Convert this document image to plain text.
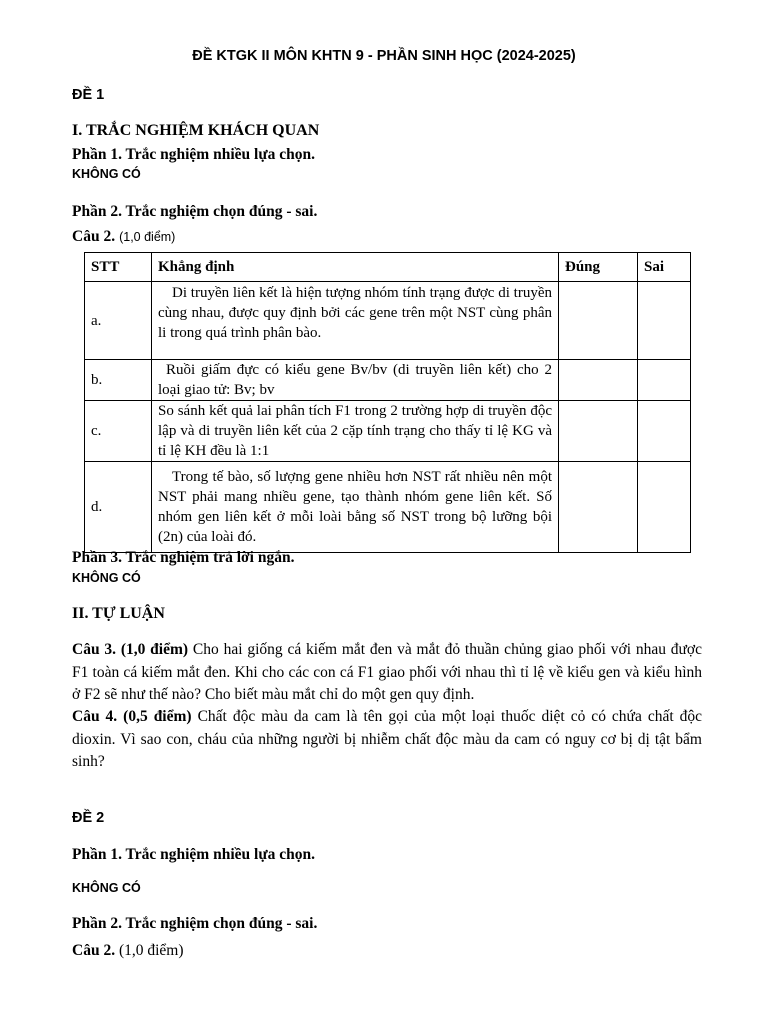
ĐỀ KTGK II MÔN KHTN 9 - PHẦN SINH HỌC (2024-2025)
ĐỀ 1
I. TRẮC NGHIỆM KHÁCH QUAN
Phần 1. Trắc nghiệm nhiều lựa chọn.
KHÔNG CÓ
Phần 2. Trắc nghiệm chọn đúng - sai.
Câu 2. (1,0 điểm)
STT	Khẳng định	Đúng	Sai
a.	Di truyền liên kết là hiện tượng nhóm tính trạng được di truyền cùng nhau, được quy định bởi các gene trên một NST cùng phân li trong quá trình phân bào.		
b.	Ruồi giấm đực có kiểu gene Bv/bv (di truyền liên kết) cho 2 loại giao tử: Bv; bv		
c.	So sánh kết quả lai phân tích F1 trong 2 trường hợp di truyền độc lập và di truyền liên kết của 2 cặp tính trạng cho thấy tỉ lệ KG và tỉ lệ KH đều là 1:1		
d.	Trong tế bào, số lượng gene nhiều hơn NST rất nhiều nên một NST phải mang nhiều gene, tạo thành nhóm gene liên kết. Số nhóm gen liên kết ở mỗi loài bằng số NST trong bộ lưỡng bội (2n) của loài đó.		
Phần 3. Trắc nghiệm trả lời ngắn.
KHÔNG CÓ
II. TỰ LUẬN
Câu 3. (1,0 điểm) Cho hai giống cá kiếm mắt đen và mắt đỏ thuần chủng giao phối với nhau được F1 toàn cá kiếm mắt đen. Khi cho các con cá F1 giao phối với nhau thì tỉ lệ về kiểu gen và kiểu hình ở F2 sẽ như thế nào? Cho biết màu mắt chỉ do một gen quy định.
Câu 4. (0,5 điểm) Chất độc màu da cam là tên gọi của một loại thuốc diệt cỏ có chứa chất độc dioxin. Vì sao con, cháu của những người bị nhiễm chất độc màu da cam có nguy cơ bị dị tật bẩm sinh?
ĐỀ 2
Phần 1. Trắc nghiệm nhiều lựa chọn.
KHÔNG CÓ
Phần 2. Trắc nghiệm chọn đúng - sai.
Câu 2. (1,0 điểm)
